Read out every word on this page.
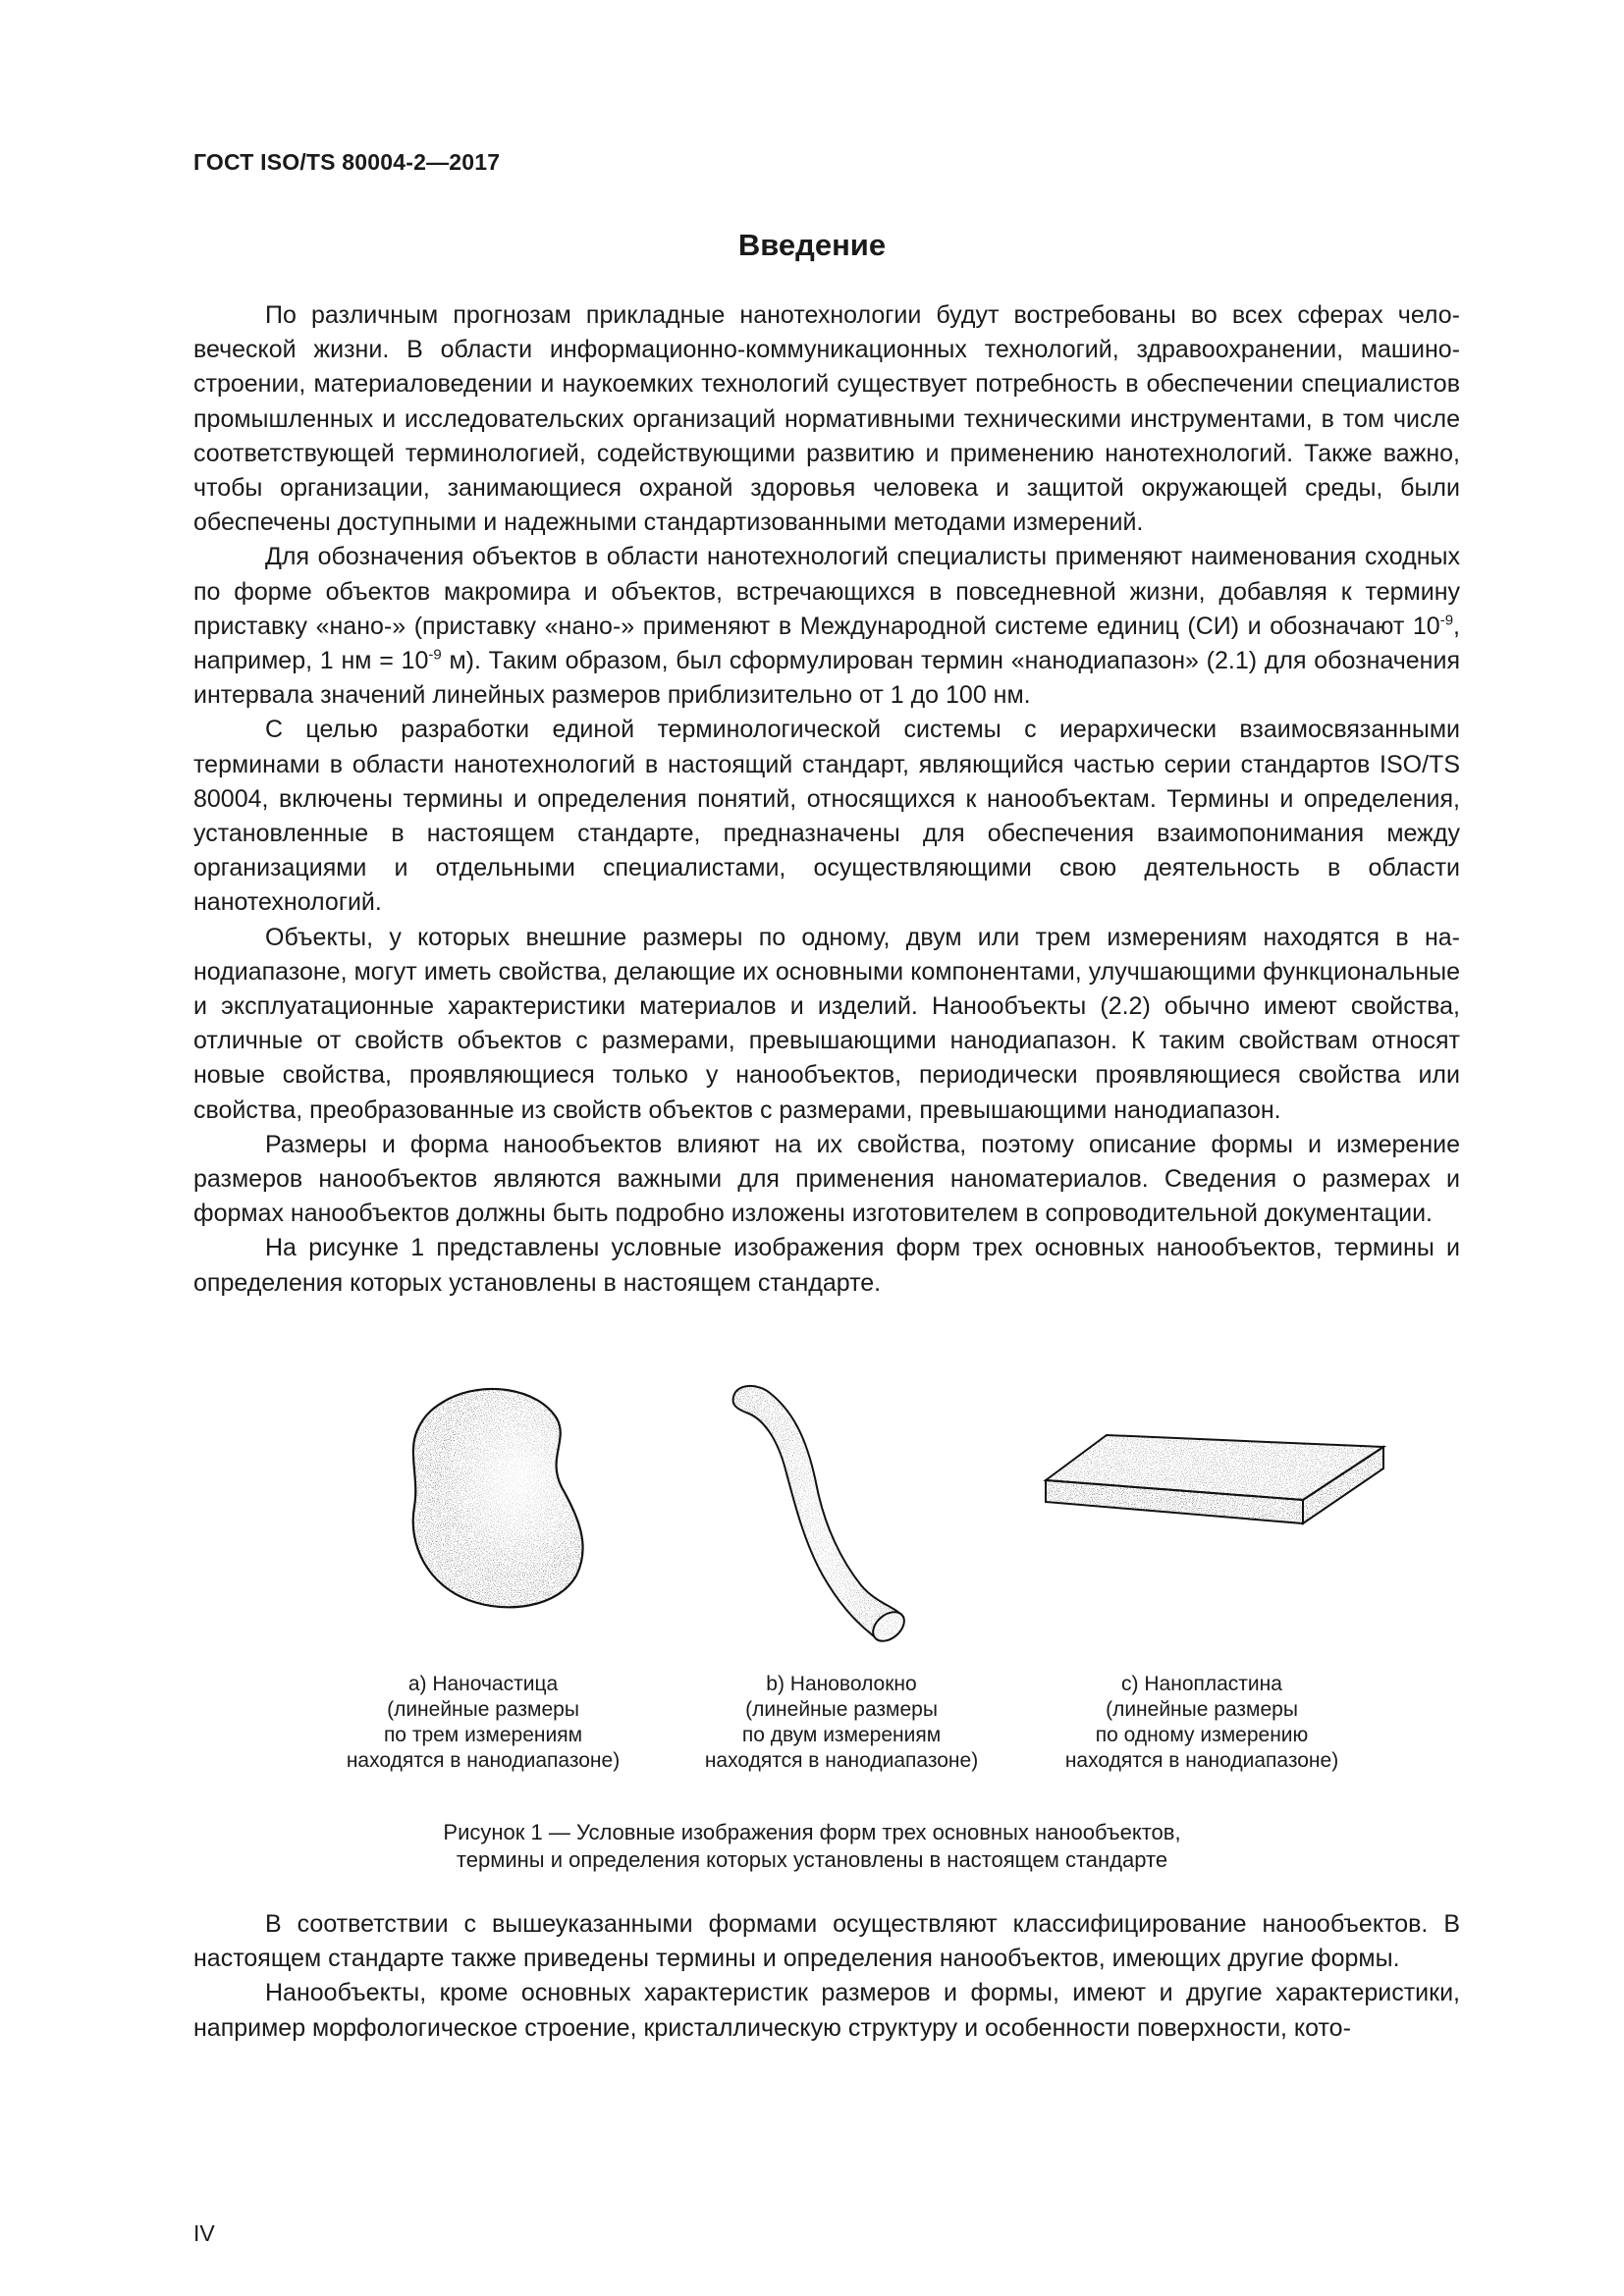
ГОСТ ISO/TS 80004-2—2017
Введение

По различным прогнозам прикладные нанотехнологии будут востребованы во всех сферах человеческой жизни. В области информационно-коммуникационных технологий, здравоохранении, машиностроении, материаловедении и наукоемких технологий существует потребность в обеспечении специалистов промышленных и исследовательских организаций нормативными техническими инструментами, в том числе соответствующей терминологией, содействующими развитию и применению нанотехнологий. Также важно, чтобы организации, занимающиеся охраной здоровья человека и защитой окружающей среды, были обеспечены доступными и надежными стандартизованными методами измерений.

Для обозначения объектов в области нанотехнологий специалисты применяют наименования сходных по форме объектов макромира и объектов, встречающихся в повседневной жизни, добавляя к термину приставку «нано-» (приставку «нано-» применяют в Международной системе единиц (СИ) и обозначают $10^{-9}$, например, 1 нм = $10^{-9}$ м). Таким образом, был сформулирован термин «нанодиапазон» (2.1) для обозначения интервала значений линейных размеров приблизительно от 1 до 100 нм.

С целью разработки единой терминологической системы с иерархически взаимосвязанными терминами в области нанотехнологий в настоящий стандарт, являющийся частью серии стандартов ISO/TS 80004, включены термины и определения понятий, относящихся к нанообъектам. Термины и определения, установленные в настоящем стандарте, предназначены для обеспечения взаимопонимания между организациями и отдельными специалистами, осуществляющими свою деятельность в области нанотехнологий.

Объекты, у которых внешние размеры по одному, двум или трем измерениям находятся в нанодиапазоне, могут иметь свойства, делающие их основными компонентами, улучшающими функциональные и эксплуатационные характеристики материалов и изделий. Нанообъекты (2.2) обычно имеют свойства, отличные от свойств объектов с размерами, превышающими нанодиапазон. К таким свойствам относят новые свойства, проявляющиеся только у нанообъектов, периодически проявляющиеся свойства или свойства, преобразованные из свойств объектов с размерами, превышающими нанодиапазон.

Размеры и форма нанообъектов влияют на их свойства, поэтому описание формы и измерение размеров нанообъектов являются важными для применения наноматериалов. Сведения о размерах и формах нанообъектов должны быть подробно изложены изготовителем в сопроводительной документации.

На рисунке 1 представлены условные изображения форм трех основных нанообъектов, термины и определения которых установлены в настоящем стандарте.

a) Наночастица
(линейные размеры
по трем измерениям
находятся в нанодиапазоне)
b) Нановолокно
(линейные размеры
по двум измерениям
находятся в нанодиапазоне)
c) Нанопластина
(линейные размеры
по одному измерению
находятся в нанодиапазоне)
Рисунок 1 — Условные изображения форм трех основных нанообъектов,
термины и определения которых установлены в настоящем стандарте

В соответствии с вышеуказанными формами осуществляют классифицирование нанообъектов. В настоящем стандарте также приведены термины и определения нанообъектов, имеющих другие формы.

Нанообъекты, кроме основных характеристик размеров и формы, имеют и другие характеристики, например морфологическое строение, кристаллическую структуру и особенности поверхности, кото-

IV
